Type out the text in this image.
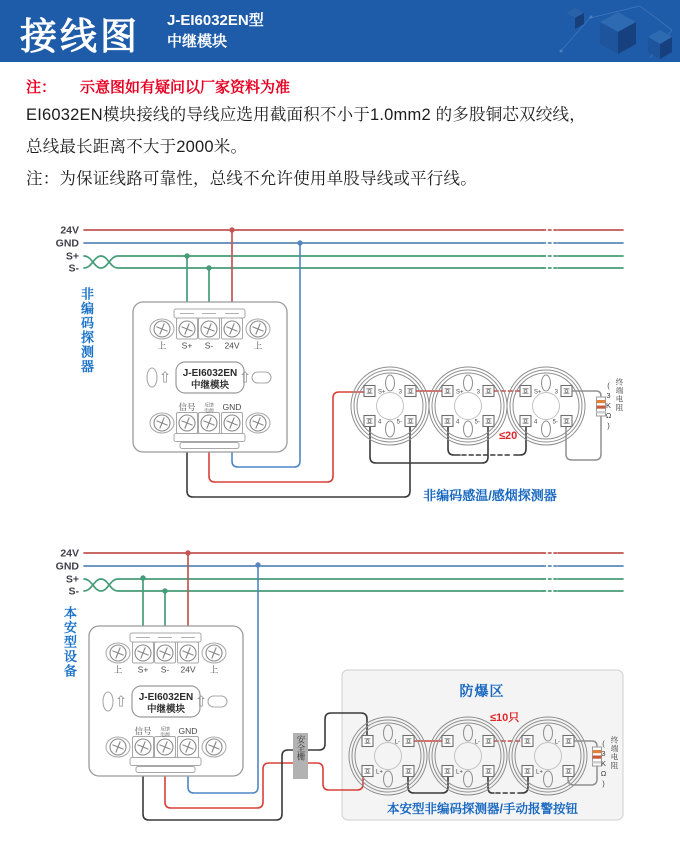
接线图 J-EI6032EN型
中继模块
注： 示意图如有疑问以厂家资料为准
EI6032EN模块接线的导线应选用截面积不小于1.0mm2 的多股铜芯双绞线，
总线最长距离不大于2000米。
注：为保证线路可靠性，总线不允许使用单股导线或平行线。
24V
GND
S+
S-
上 S+ S- 24V 上
J-EI6032EN
中继模块
⇧	⇧
信号 反馈
电源 GND
S+ 3
4	5-
S+ 3
4	5-
S+ 3
4	5-
24V
GND
S+
S-
上 S+ S- 24V 上
J-EI6032EN
中继模块
⇧	⇧
信号 反馈
电源 GND
L-
L+
L-
L+
L-
L+
非编码探测器
本安型设备
终端电阻
(3KΩ)
终端电阻
(3KΩ)
安全栅
防爆区
非编码感温/感烟探测器
本安型非编码探测器/手动报警按钮
≤20
≤10只
